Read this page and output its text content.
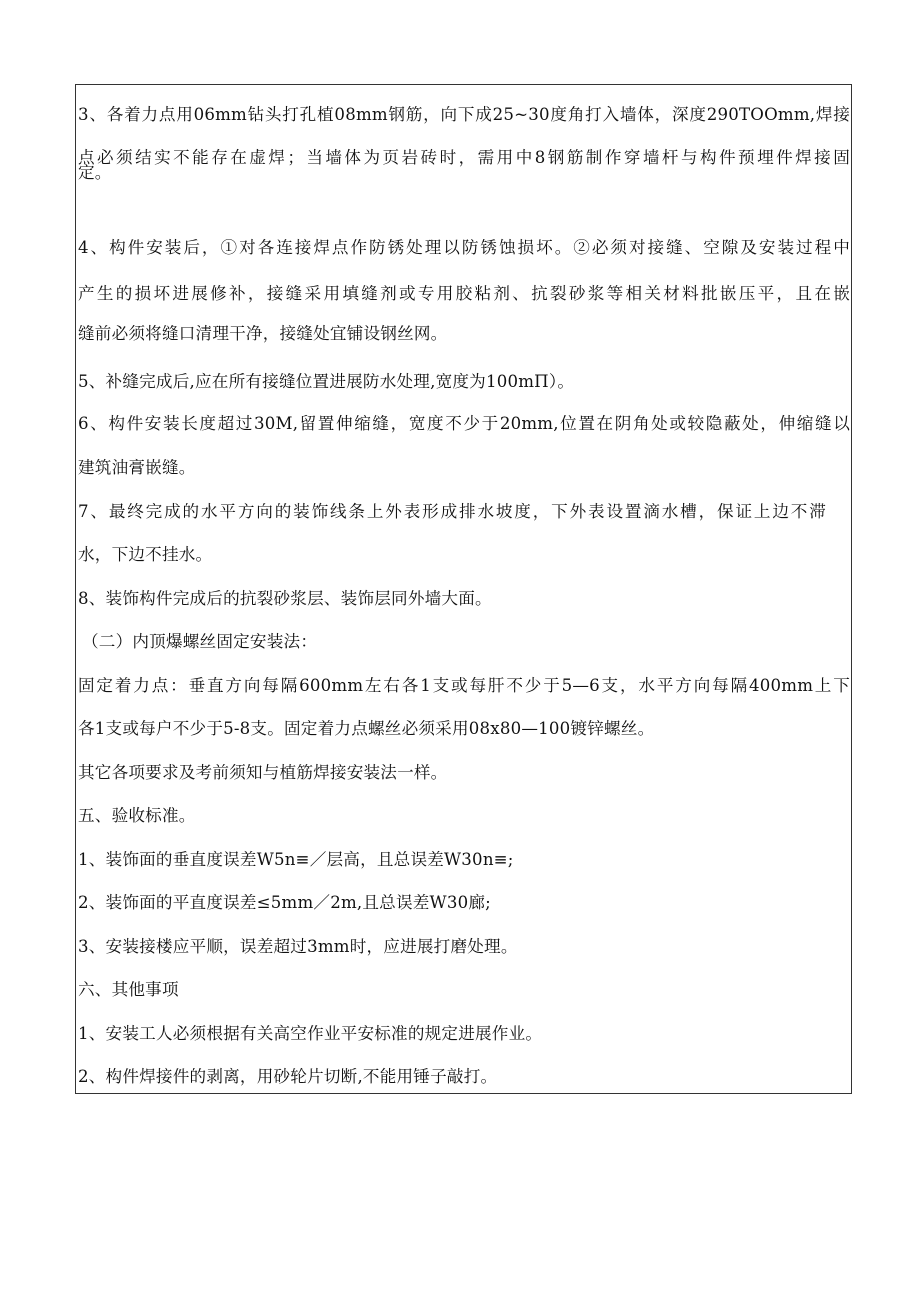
3、各着力点用06mm钻头打孔植08mm钢筋，向下成25~30度角打入墙体，深度290TOOmm,焊接
点必须结实不能存在虚焊；当墙体为页岩砖时，需用中8钢筋制作穿墙杆与构件预埋件焊接固
定。
4、构件安装后，①对各连接焊点作防锈处理以防锈蚀损坏。②必须对接缝、空隙及安装过程中
产生的损坏进展修补，接缝采用填缝剂或专用胶粘剂、抗裂砂浆等相关材料批嵌压平，且在嵌
缝前必须将缝口清理干净，接缝处宜铺设钢丝网。
5、补缝完成后,应在所有接缝位置进展防水处理,宽度为100mΠ）。
6、构件安装长度超过30M,留置伸缩缝，宽度不少于20mm,位置在阴角处或较隐蔽处，伸缩缝以
建筑油膏嵌缝。
7、最终完成的水平方向的装饰线条上外表形成排水坡度，下外表设置滴水槽，保证上边不滞
水，下边不挂水。
8、装饰构件完成后的抗裂砂浆层、装饰层同外墙大面。
（二）内顶爆螺丝固定安装法：
固定着力点：垂直方向每隔600mm左右各1支或每肝不少于5—6支，水平方向每隔400mm上下
各1支或每户不少于5-8支。固定着力点螺丝必须采用08x80—100镀锌螺丝。
其它各项要求及考前须知与植筋焊接安装法一样。
五、验收标准。
1、装饰面的垂直度误差W5n≡／层高，且总误差W30n≡;
2、装饰面的平直度误差≤5mm／2m,且总误差W30廊;
3、安装接楼应平顺，误差超过3mm时，应进展打磨处理。
六、其他事项
1、安装工人必须根据有关高空作业平安标准的规定进展作业。
2、构件焊接件的剥离，用砂轮片切断,不能用锤子敲打。
